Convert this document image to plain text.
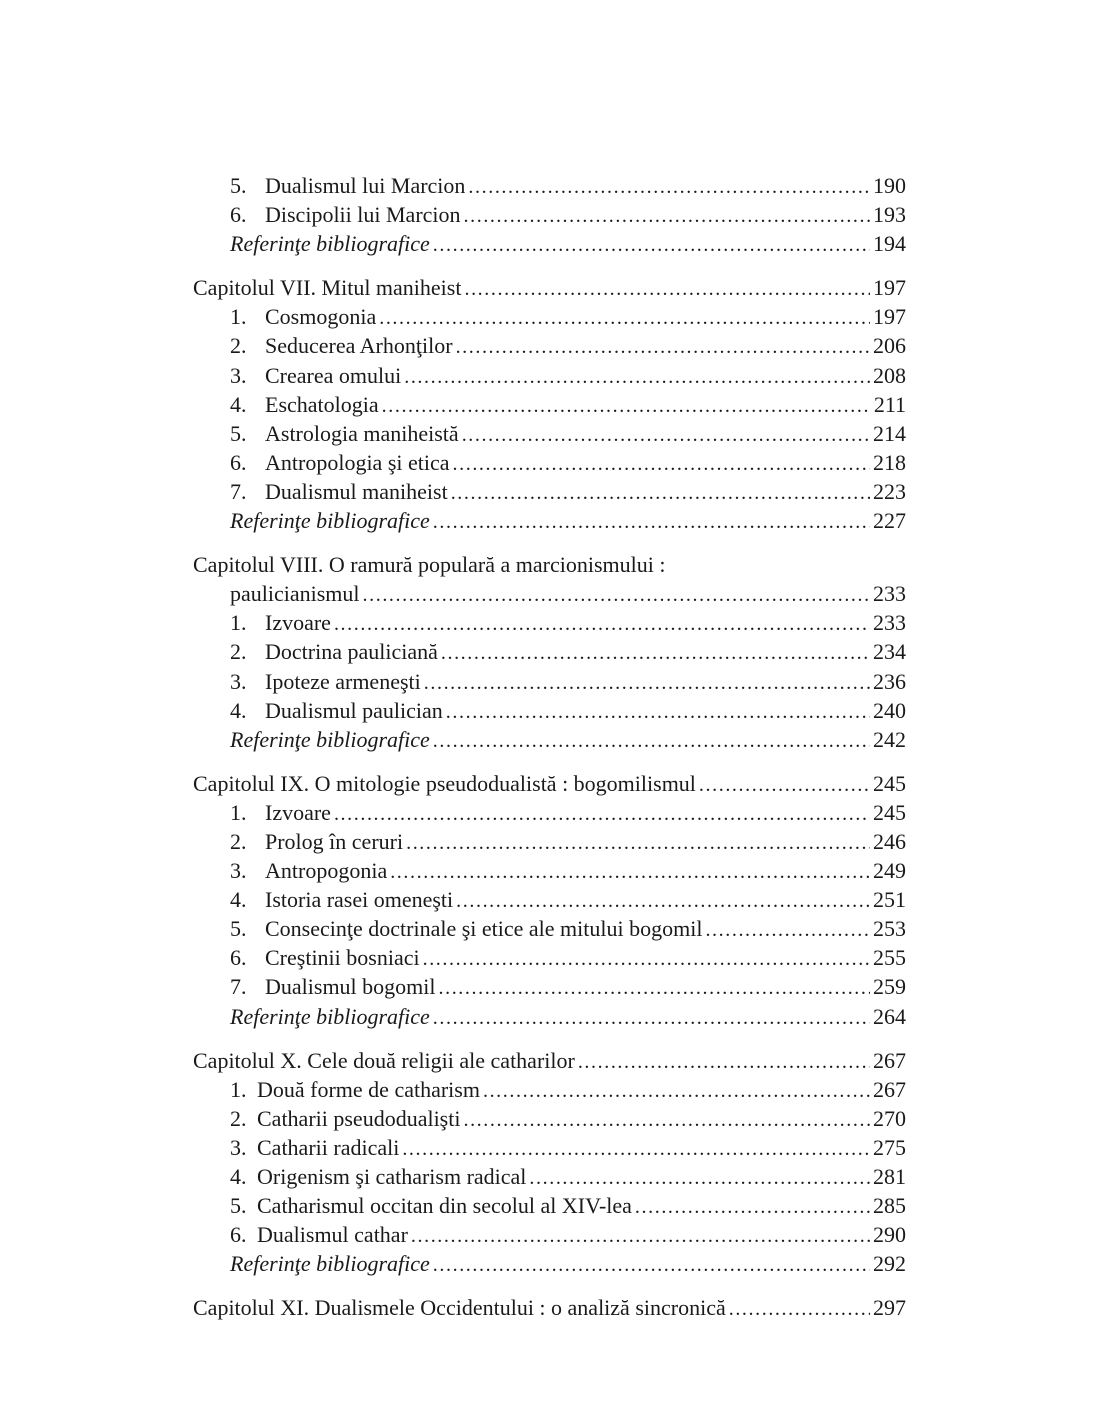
5. Dualismul lui Marcion .....	190
6. Discipolii lui Marcion .....	193
Referinţe bibliografice .....	194
Capitolul VII. Mitul maniheist .....	197
1. Cosmogonia .....	197
2. Seducerea Arhonţilor .....	206
3. Crearea omului .....	208
4. Eschatologia .....	211
5. Astrologia maniheistă .....	214
6. Antropologia şi etica .....	218
7. Dualismul maniheist .....	223
Referinţe bibliografice .....	227
Capitolul VIII. O ramură populară a marcionismului :
paulicianismul .....	233
1. Izvoare .....	233
2. Doctrina pauliciană .....	234
3. Ipoteze armeneşti .....	236
4. Dualismul paulician .....	240
Referinţe bibliografice .....	242
Capitolul IX. O mitologie pseudodualistă : bogomilismul .....	245
1. Izvoare .....	245
2. Prolog în ceruri .....	246
3. Antropogonia .....	249
4. Istoria rasei omeneşti .....	251
5. Consecinţe doctrinale şi etice ale mitului bogomil .....	253
6. Creştinii bosniaci .....	255
7. Dualismul bogomil .....	259
Referinţe bibliografice .....	264
Capitolul X. Cele două religii ale catharilor .....	267
1. Două forme de catharism .....	267
2. Catharii pseudodualişti .....	270
3. Catharii radicali .....	275
4. Origenism şi catharism radical .....	281
5. Catharismul occitan din secolul al XIV-lea .....	285
6. Dualismul cathar .....	290
Referinţe bibliografice .....	292
Capitolul XI. Dualismele Occidentului : o analiză sincronică .....	297
